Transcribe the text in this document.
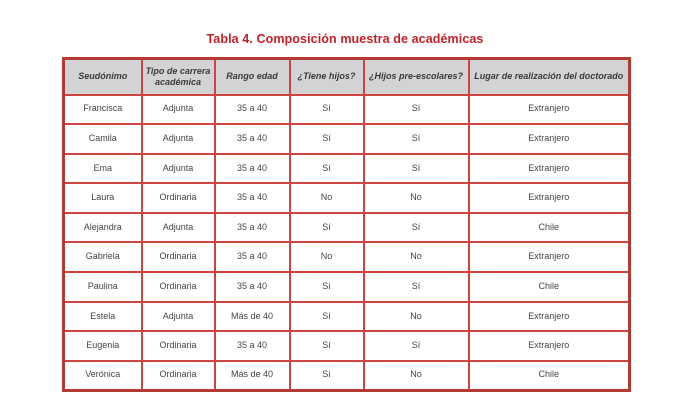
Tabla 4. Composición muestra de académicas
Seudónimo	Tipo de carrera académica	Rango edad	¿Tiene hijos?	¿Hijos pre-escolares?	Lugar de realización del doctorado
Francisca	Adjunta	35 a 40	Sí	Sí	Extranjero
Camila	Adjunta	35 a 40	Sí	Sí	Extranjero
Ema	Adjunta	35 a 40	Sí	Sí	Extranjero
Laura	Ordinaria	35 a 40	No	No	Extranjero
Alejandra	Adjunta	35 a 40	Sí	Sí	Chile
Gabriela	Ordinaria	35 a 40	No	No	Extranjero
Paulina	Ordinaria	35 a 40	Sí	Sí	Chile
Estela	Adjunta	Más de 40	Sí	No	Extranjero
Eugenia	Ordinaria	35 a 40	Sí	Sí	Extranjero
Verónica	Ordinaria	Más de 40	Sí	No	Chile
